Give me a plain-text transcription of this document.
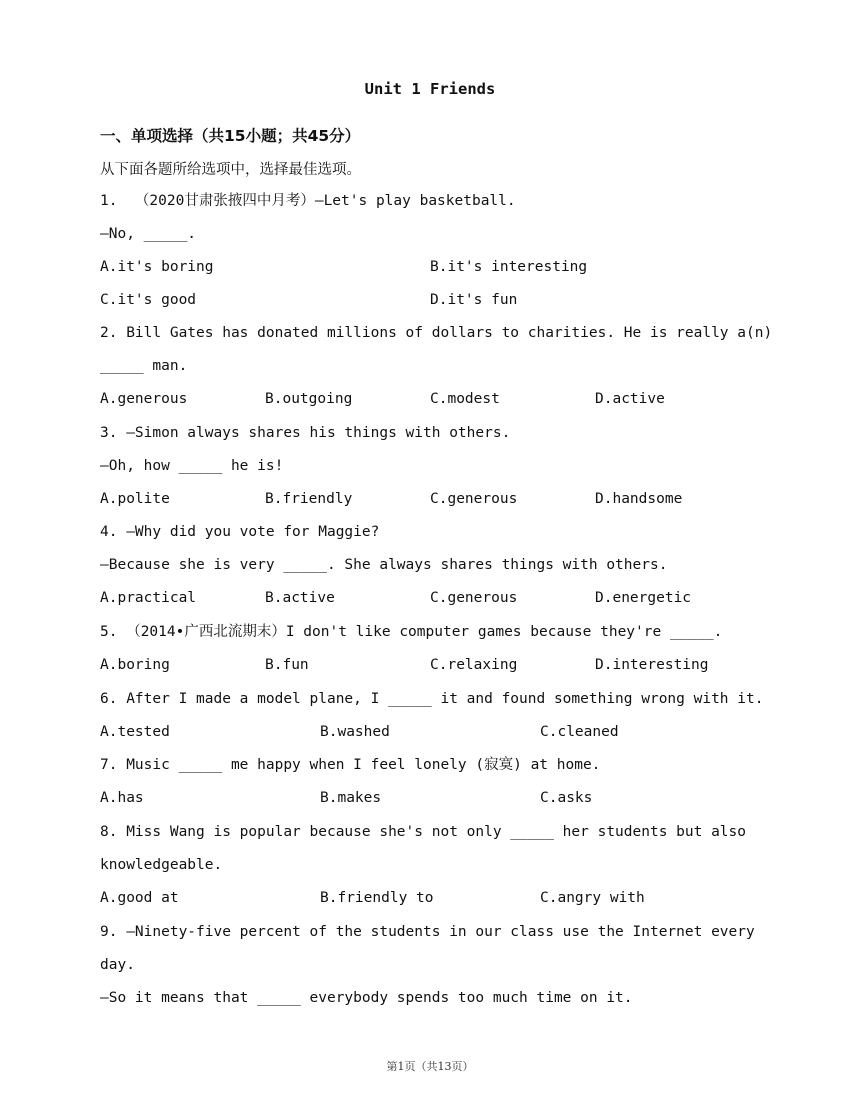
Unit 1 Friends
一、单项选择（共15小题；共45分）
从下面各题所给选项中，选择最佳选项。
1.  （2020甘肃张掖四中月考）—Let's play basketball.
—No, _____.
A.it's boring	B.it's interesting
C.it's good	D.it's fun
2. Bill Gates has donated millions of dollars to charities. He is really a(n)
_____ man.
A.generous	B.outgoing	C.modest	D.active
3. —Simon always shares his things with others.
—Oh, how _____ he is!
A.polite	B.friendly	C.generous	D.handsome
4. —Why did you vote for Maggie?
—Because she is very _____. She always shares things with others.
A.practical	B.active	C.generous	D.energetic
5. （2014•广西北流期末）I don't like computer games because they're _____.
A.boring	B.fun	C.relaxing	D.interesting
6. After I made a model plane, I _____ it and found something wrong with it.
A.tested	B.washed	C.cleaned
7. Music _____ me happy when I feel lonely (寂寞) at home.
A.has	B.makes	C.asks
8. Miss Wang is popular because she's not only _____ her students but also
knowledgeable.
A.good at	B.friendly to	C.angry with
9. —Ninety-five percent of the students in our class use the Internet every
day.
—So it means that _____ everybody spends too much time on it.
第1页（共13页）
